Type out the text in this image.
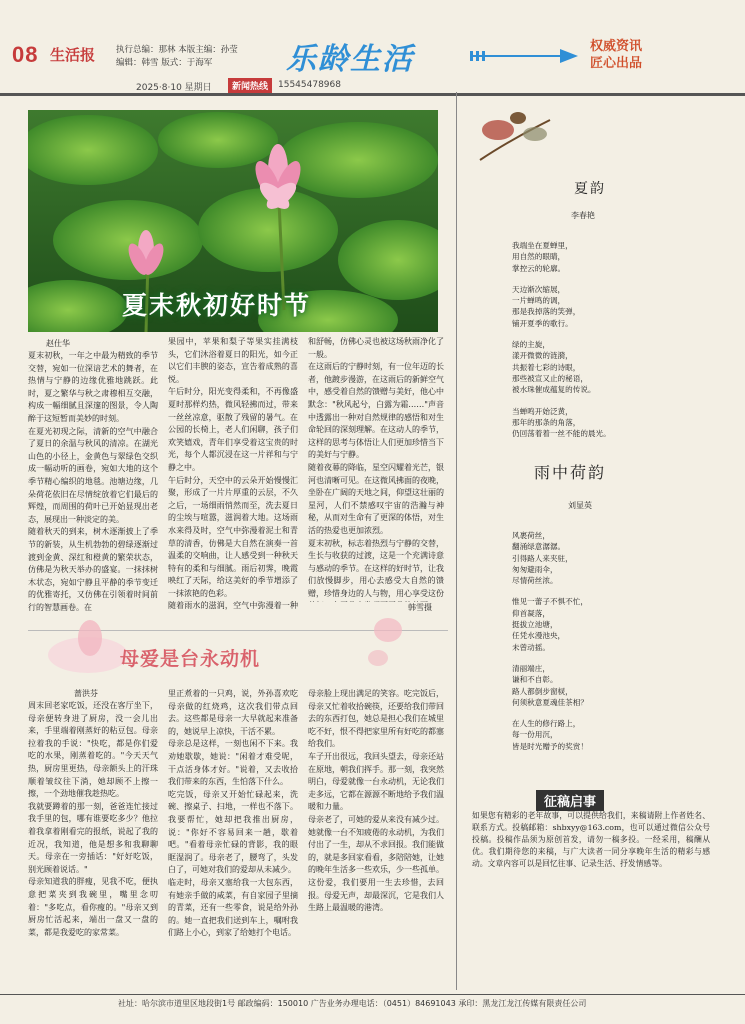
08 生活报 执行总编：那林 本版主编：孙莹
编辑：韩雪 版式：于海军	乐龄生活	权威资讯
匠心出品
2025·8·10 星期日	新闻热线	15545478968
夏末秋初好时节
赵仕华
夏末初秋，一年之中最为精致的季节交替，宛如一位深谙艺术的舞者，在热情与宁静的边缘优雅地跳跃。此时，夏之繁华与秋之肃穆相互交融，构成一幅细腻且深邃的图景，令人陶醉于这短暂而美妙的时刻。
在夏光初现之际，清新的空气中融合了夏日的余温与秋风的清凉。在湖光山色的小径上，金黄色与翠绿色交织成一幅动听的画卷，宛如大地的这个季节精心编织的地毯。池塘边缘，几朵荷花依旧在尽情绽放着它们最后的辉煌，而周围的荷叶已开始显现出老态，展现出一种淡定的美。
随着秋天的到来，树木逐渐披上了季节的新装，从生机勃勃的碧绿逐渐过渡到金黄、深红和橙黄的繁荣状态，仿佛是为秋天举办的盛宴。一抹抹树木状态，宛如宁静且平静的季节变迁的优雅寄托，又仿佛在引领着时间前行的智慧画卷。在
果园中，苹果和梨子等果实挂满枝头，它们沐浴着夏日的阳光，如今正以它们丰腴的姿态，宣告着成熟的喜悦。
午后时分，阳光变得柔和，不再像盛夏时那样灼热，微风轻拂而过，带来一丝丝凉意，驱散了残留的暑气。在公园的长椅上，老人们闲聊，孩子们欢笑嬉戏，青年们享受着这宝贵的时光，每个人都沉浸在这一片祥和与宁静之中。
午后时分，天空中的云朵开始慢慢汇聚，形成了一片片厚重的云层，不久之后，一场细雨悄然而至，洗去夏日的尘埃与喧嚣，滋润着大地。这场雨水来得及时，空气中弥漫着泥土和青草的清香，仿佛是大自然在演奏一首温柔的交响曲，让人感受到一种秋天特有的柔和与细腻。雨后初霁，晚霞映红了天际，给这美好的季节增添了一抹浓艳的色彩。
随着雨水的滋润，空气中弥漫着一种
和舒畅，仿佛心灵也被这场秋雨净化了一般。
在这雨后的宁静时刻，有一位年迈的长者，他踱步漫游，在这雨后的新鲜空气中，感受着自然的馈赠与美好，他心中默念："秋风起兮，白露为霜……"声音中透露出一种对自然规律的感悟和对生命轮回的深刻理解。在这动人的季节，这样的思考与体悟让人们更加珍惜当下的美好与宁静。
随着夜幕的降临，星空闪耀着光芒，银河也清晰可见。在这微风拂面的夜晚，坐卧在广阔的天地之间，仰望这壮丽的星河，人们不禁感叹宇宙的浩瀚与神秘，从而对生命有了更深的体悟，对生活的热爱也更加浓烈。
夏末初秋，标志着热烈与宁静的交替，生长与收获的过渡，这是一个充满诗意与感动的季节。在这样的好时节，让我们放慢脚步，用心去感受大自然的馈赠，珍惜身边的人与物，用心享受这份
韩雪摄
母爱是台永动机
蔷洪芬
周末回老家吃饭，还没在客厅坐下，母亲便转身进了厨房，没一会儿出来，手里端着刚蒸好的粘豆包。母亲拉着我的手说："快吃，都是你们爱吃的水果，刚蒸着吃的。"今天天气热，厨房里更热，母亲额头上的汗珠顺着皱纹往下淌，她却顾不上擦一擦，一个劲地催我趁热吃。
我就要蹲着的那一刻，爸爸连忙接过我手里的包，哪有谁要吃多少？他拉着我拿着刚看完的报纸，说起了我的近况，我知道，他是想多和我聊聊天。母亲在一旁插话："好好吃饭，别光顾着说话。"
母亲知道我的胖瘦，见我不吃，便执意把菜夹到我碗里，嘴里念叨着："多吃点，看你瘦的。"母亲又到厨房忙活起来，端出一盘又一盘的菜，都是我爱吃的家常菜。
里正煮着的一只鸡，说，外孙喜欢吃母亲做的红烧鸡，这次我们带点回去。这些都是母亲一大早就起来准备的，她说早上凉快，干活不累。
母亲总是这样，一刻也闲不下来。我劝她歇歇，她说："闲着才难受呢，干点活身体才好。"说着，又去收拾我们带来的东西，生怕落下什么。
吃完饭，母亲又开始忙碌起来，洗碗、擦桌子、扫地，一样也不落下。我要帮忙，她却把我推出厨房，说："你好不容易回来一趟，歇着吧。"看着母亲忙碌的背影，我的眼眶湿润了。母亲老了，腰弯了，头发白了，可她对我们的爱却从未减少。
临走时，母亲又塞给我一大包东西，有她亲手做的咸菜，有自家园子里摘的青菜，还有一些零食，说是给外孙的。她一直把我们送到车上，嘱咐我们路上小心，到家了给她打个电话。
母亲脸上现出满足的笑容。吃完饭后，母亲又忙着收拾碗筷，还要给我们带回去的东西打包，她总是担心我们在城里吃不好，恨不得把家里所有好吃的都塞给我们。
车子开出很远，我回头望去，母亲还站在原地，朝我们挥手。那一刻，我突然明白，母爱就像一台永动机，无论我们走多远，它都在源源不断地给予我们温暖和力量。
母亲老了，可她的爱从来没有减少过。她就像一台不知疲倦的永动机，为我们付出了一生，却从不求回报。我们能做的，就是多回家看看，多陪陪她，让她的晚年生活多一些欢乐，少一些孤单。这份爱，我们要用一生去珍惜，去回报。母爱无声，却最深沉，它是我们人生路上最温暖的港湾。
夏韵
李春艳

我端坐在夏蝉里，

用自然的眼睛，

掌控云的轮廓。

天边渐次缩展，

一片蝉鸣的调，

那是我掉落的笑弹，

铺开夏季的歌行。

绿的主旋，

漾开微微的涟漪，

共振着七彩的诗眼，

那些被宣又止的秘语，

被水珠催成蕴复的传说。

当蝉鸣开始泛黄，

那年的那条的角落，

仍回荡着着一丝不能的晨光。

雨中荷韵
刘显英

风裹荷丝，

翻涌绿意潺潺。

引得路人来夹驻，

匆匆避雨伞，

尽情荷丝浓。

惟见一蕾子不惧不忙，

仰首凝落，

挺拔立池塘，

任凭水漫池央，

未曾动摇。

清丽端庄，

谦和不自彰。

路人都倒步窗棂，

何须秋意夏魂佳茶相？

在人生的修行路上，

每一份用沉，

皆是时光赠予的奖赏！

征稿启事
如果您有精彩的老年故事，可以提供给我们，来稿请附上作者姓名、联系方式。投稿邮箱：shbxyy@163.com，也可以通过微信公众号投稿。投稿作品须为原创首发，请勿一稿多投。一经采用，稿酬从优。我们期待您的来稿，与广大读者一同分享晚年生活的精彩与感动。文章内容可以是回忆往事、记录生活、抒发情感等。
社址：哈尔滨市道里区地段街1号 邮政编码：150010 广告业务办理电话：（0451）84691043 承印：黑龙江龙江传媒有限责任公司
